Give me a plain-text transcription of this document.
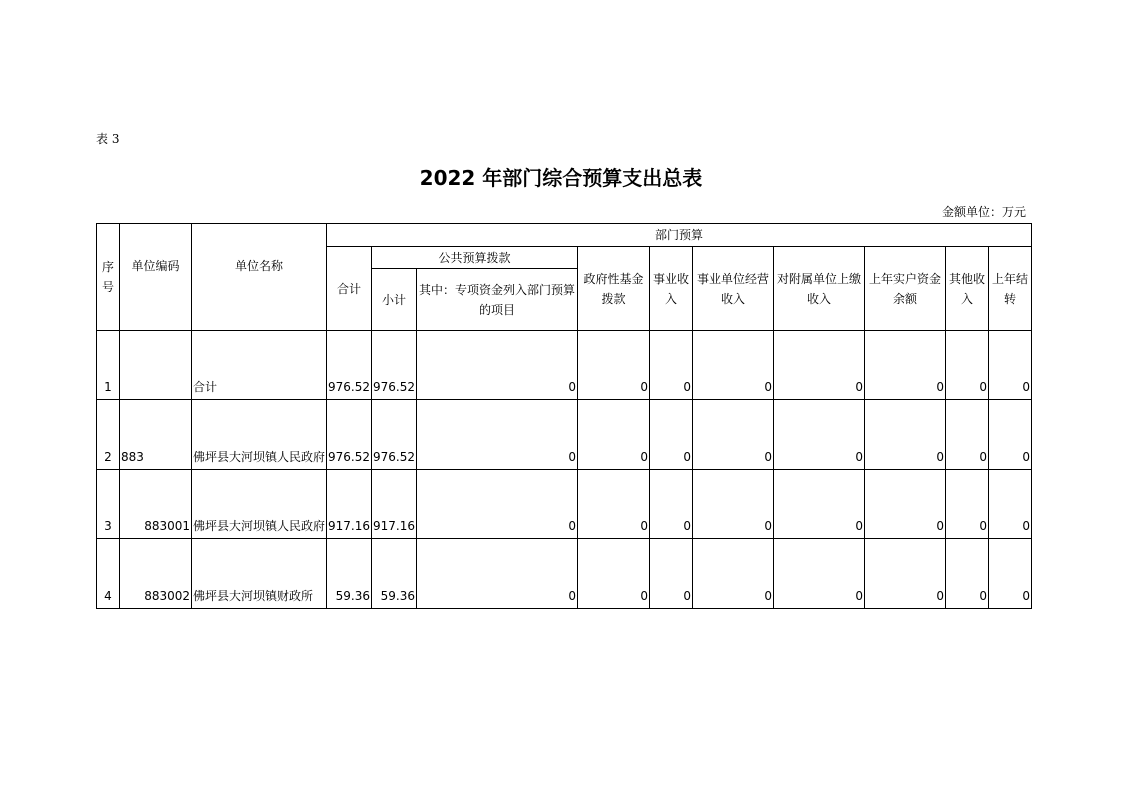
表 3
2022 年部门综合预算支出总表
金额单位：万元
序号	单位编码	单位名称	部门预算									
			合计	公共预算拨款		政府性基金拨款	事业收入	事业单位经营收入	对附属单位上缴收入	上年实户资金余额	其他收入	上年结转
				小计	其中：专项资金列入部门预算的项目							
1		合计	976.52	976.52	0	0	0	0	0	0	0	0
2	883	佛坪县大河坝镇人民政府	976.52	976.52	0	0	0	0	0	0	0	0
3	883001	佛坪县大河坝镇人民政府	917.16	917.16	0	0	0	0	0	0	0	0
4	883002	佛坪县大河坝镇财政所	59.36	59.36	0	0	0	0	0	0	0	0
